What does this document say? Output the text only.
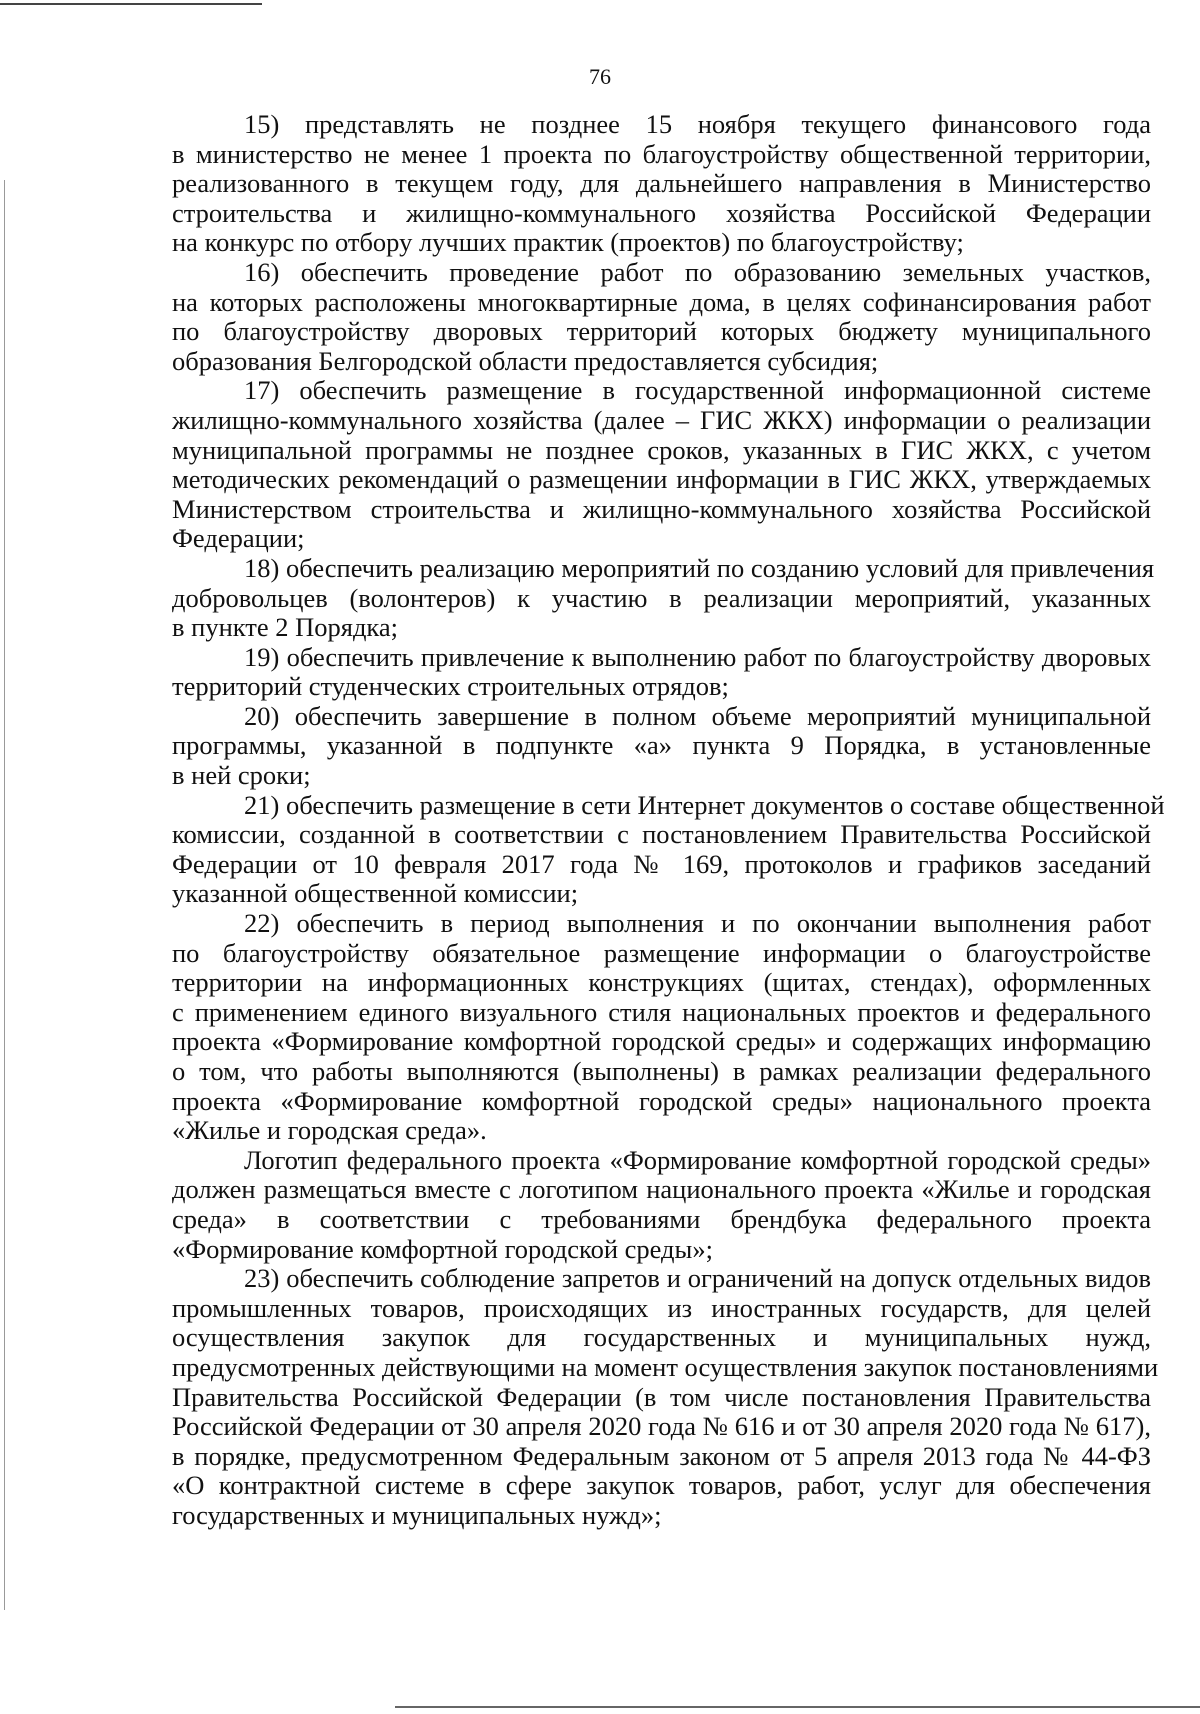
76
15) представлять не позднее 15 ноября текущего финансового года
в министерство не менее 1 проекта по благоустройству общественной территории,
реализованного в текущем году, для дальнейшего направления в Министерство
строительства и жилищно-коммунального хозяйства Российской Федерации
на конкурс по отбору лучших практик (проектов) по благоустройству;
16) обеспечить проведение работ по образованию земельных участков,
на которых расположены многоквартирные дома, в целях софинансирования работ
по благоустройству дворовых территорий которых бюджету муниципального
образования Белгородской области предоставляется субсидия;
17) обеспечить размещение в государственной информационной системе
жилищно-коммунального хозяйства (далее – ГИС ЖКХ) информации о реализации
муниципальной программы не позднее сроков, указанных в ГИС ЖКХ, с учетом
методических рекомендаций о размещении информации в ГИС ЖКХ, утверждаемых
Министерством строительства и жилищно-коммунального хозяйства Российской
Федерации;
18) обеспечить реализацию мероприятий по созданию условий для привлечения
добровольцев (волонтеров) к участию в реализации мероприятий, указанных
в пункте 2 Порядка;
19) обеспечить привлечение к выполнению работ по благоустройству дворовых
территорий студенческих строительных отрядов;
20) обеспечить завершение в полном объеме мероприятий муниципальной
программы, указанной в подпункте «а» пункта 9 Порядка, в установленные
в ней сроки;
21) обеспечить размещение в сети Интернет документов о составе общественной
комиссии, созданной в соответствии с постановлением Правительства Российской
Федерации от 10 февраля 2017 года № 169, протоколов и графиков заседаний
указанной общественной комиссии;
22) обеспечить в период выполнения и по окончании выполнения работ
по благоустройству обязательное размещение информации о благоустройстве
территории на информационных конструкциях (щитах, стендах), оформленных
с применением единого визуального стиля национальных проектов и федерального
проекта «Формирование комфортной городской среды» и содержащих информацию
о том, что работы выполняются (выполнены) в рамках реализации федерального
проекта «Формирование комфортной городской среды» национального проекта
«Жилье и городская среда».
Логотип федерального проекта «Формирование комфортной городской среды»
должен размещаться вместе с логотипом национального проекта «Жилье и городская
среда» в соответствии с требованиями брендбука федерального проекта
«Формирование комфортной городской среды»;
23) обеспечить соблюдение запретов и ограничений на допуск отдельных видов
промышленных товаров, происходящих из иностранных государств, для целей
осуществления закупок для государственных и муниципальных нужд,
предусмотренных действующими на момент осуществления закупок постановлениями
Правительства Российской Федерации (в том числе постановления Правительства
Российской Федерации от 30 апреля 2020 года № 616 и от 30 апреля 2020 года № 617),
в порядке, предусмотренном Федеральным законом от 5 апреля 2013 года № 44-ФЗ
«О контрактной системе в сфере закупок товаров, работ, услуг для обеспечения
государственных и муниципальных нужд»;
